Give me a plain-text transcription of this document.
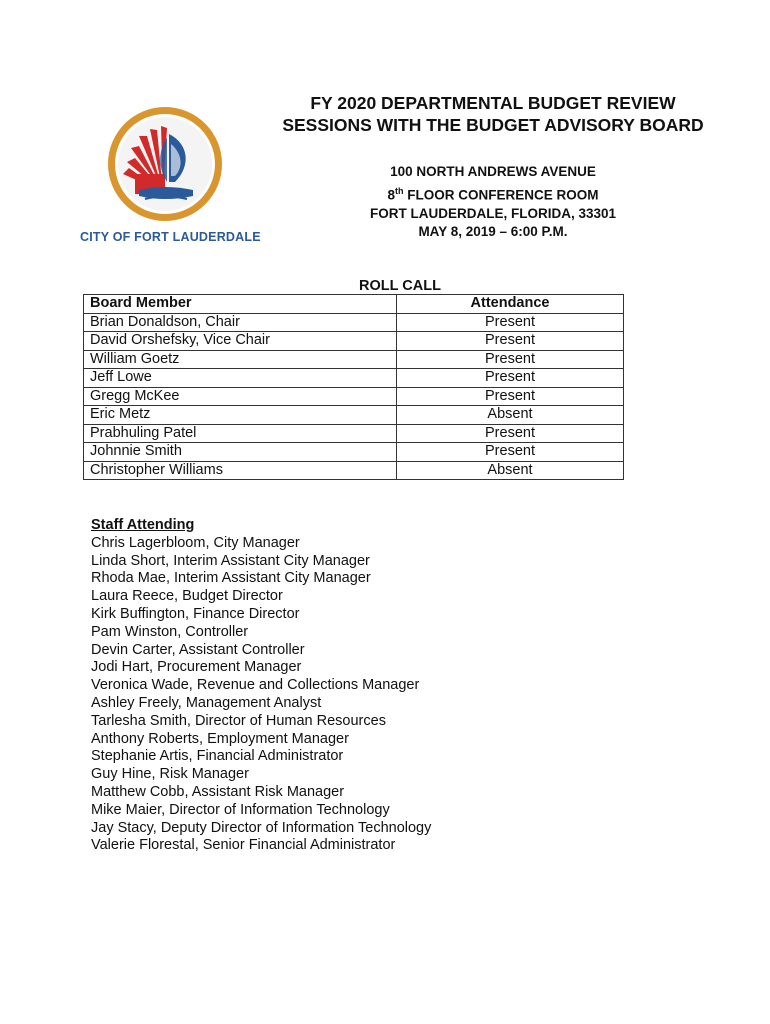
CITY OF FORT LAUDERDALE
FY 2020 DEPARTMENTAL BUDGET REVIEW
SESSIONS WITH THE BUDGET ADVISORY BOARD
100 NORTH ANDREWS AVENUE
8th FLOOR CONFERENCE ROOM
FORT LAUDERDALE, FLORIDA, 33301
MAY 8, 2019 – 6:00 P.M.
ROLL CALL
Board Member	Attendance
Brian Donaldson, Chair	Present
David Orshefsky, Vice Chair	Present
William Goetz	Present
Jeff Lowe	Present
Gregg McKee	Present
Eric Metz	Absent
Prabhuling Patel	Present
Johnnie Smith	Present
Christopher Williams	Absent
Staff Attending
Chris Lagerbloom, City Manager
Linda Short, Interim Assistant City Manager
Rhoda Mae, Interim Assistant City Manager
Laura Reece, Budget Director
Kirk Buffington, Finance Director
Pam Winston, Controller
Devin Carter, Assistant Controller
Jodi Hart, Procurement Manager
Veronica Wade, Revenue and Collections Manager
Ashley Freely, Management Analyst
Tarlesha Smith, Director of Human Resources
Anthony Roberts, Employment Manager
Stephanie Artis, Financial Administrator
Guy Hine, Risk Manager
Matthew Cobb, Assistant Risk Manager
Mike Maier, Director of Information Technology
Jay Stacy, Deputy Director of Information Technology
Valerie Florestal, Senior Financial Administrator
